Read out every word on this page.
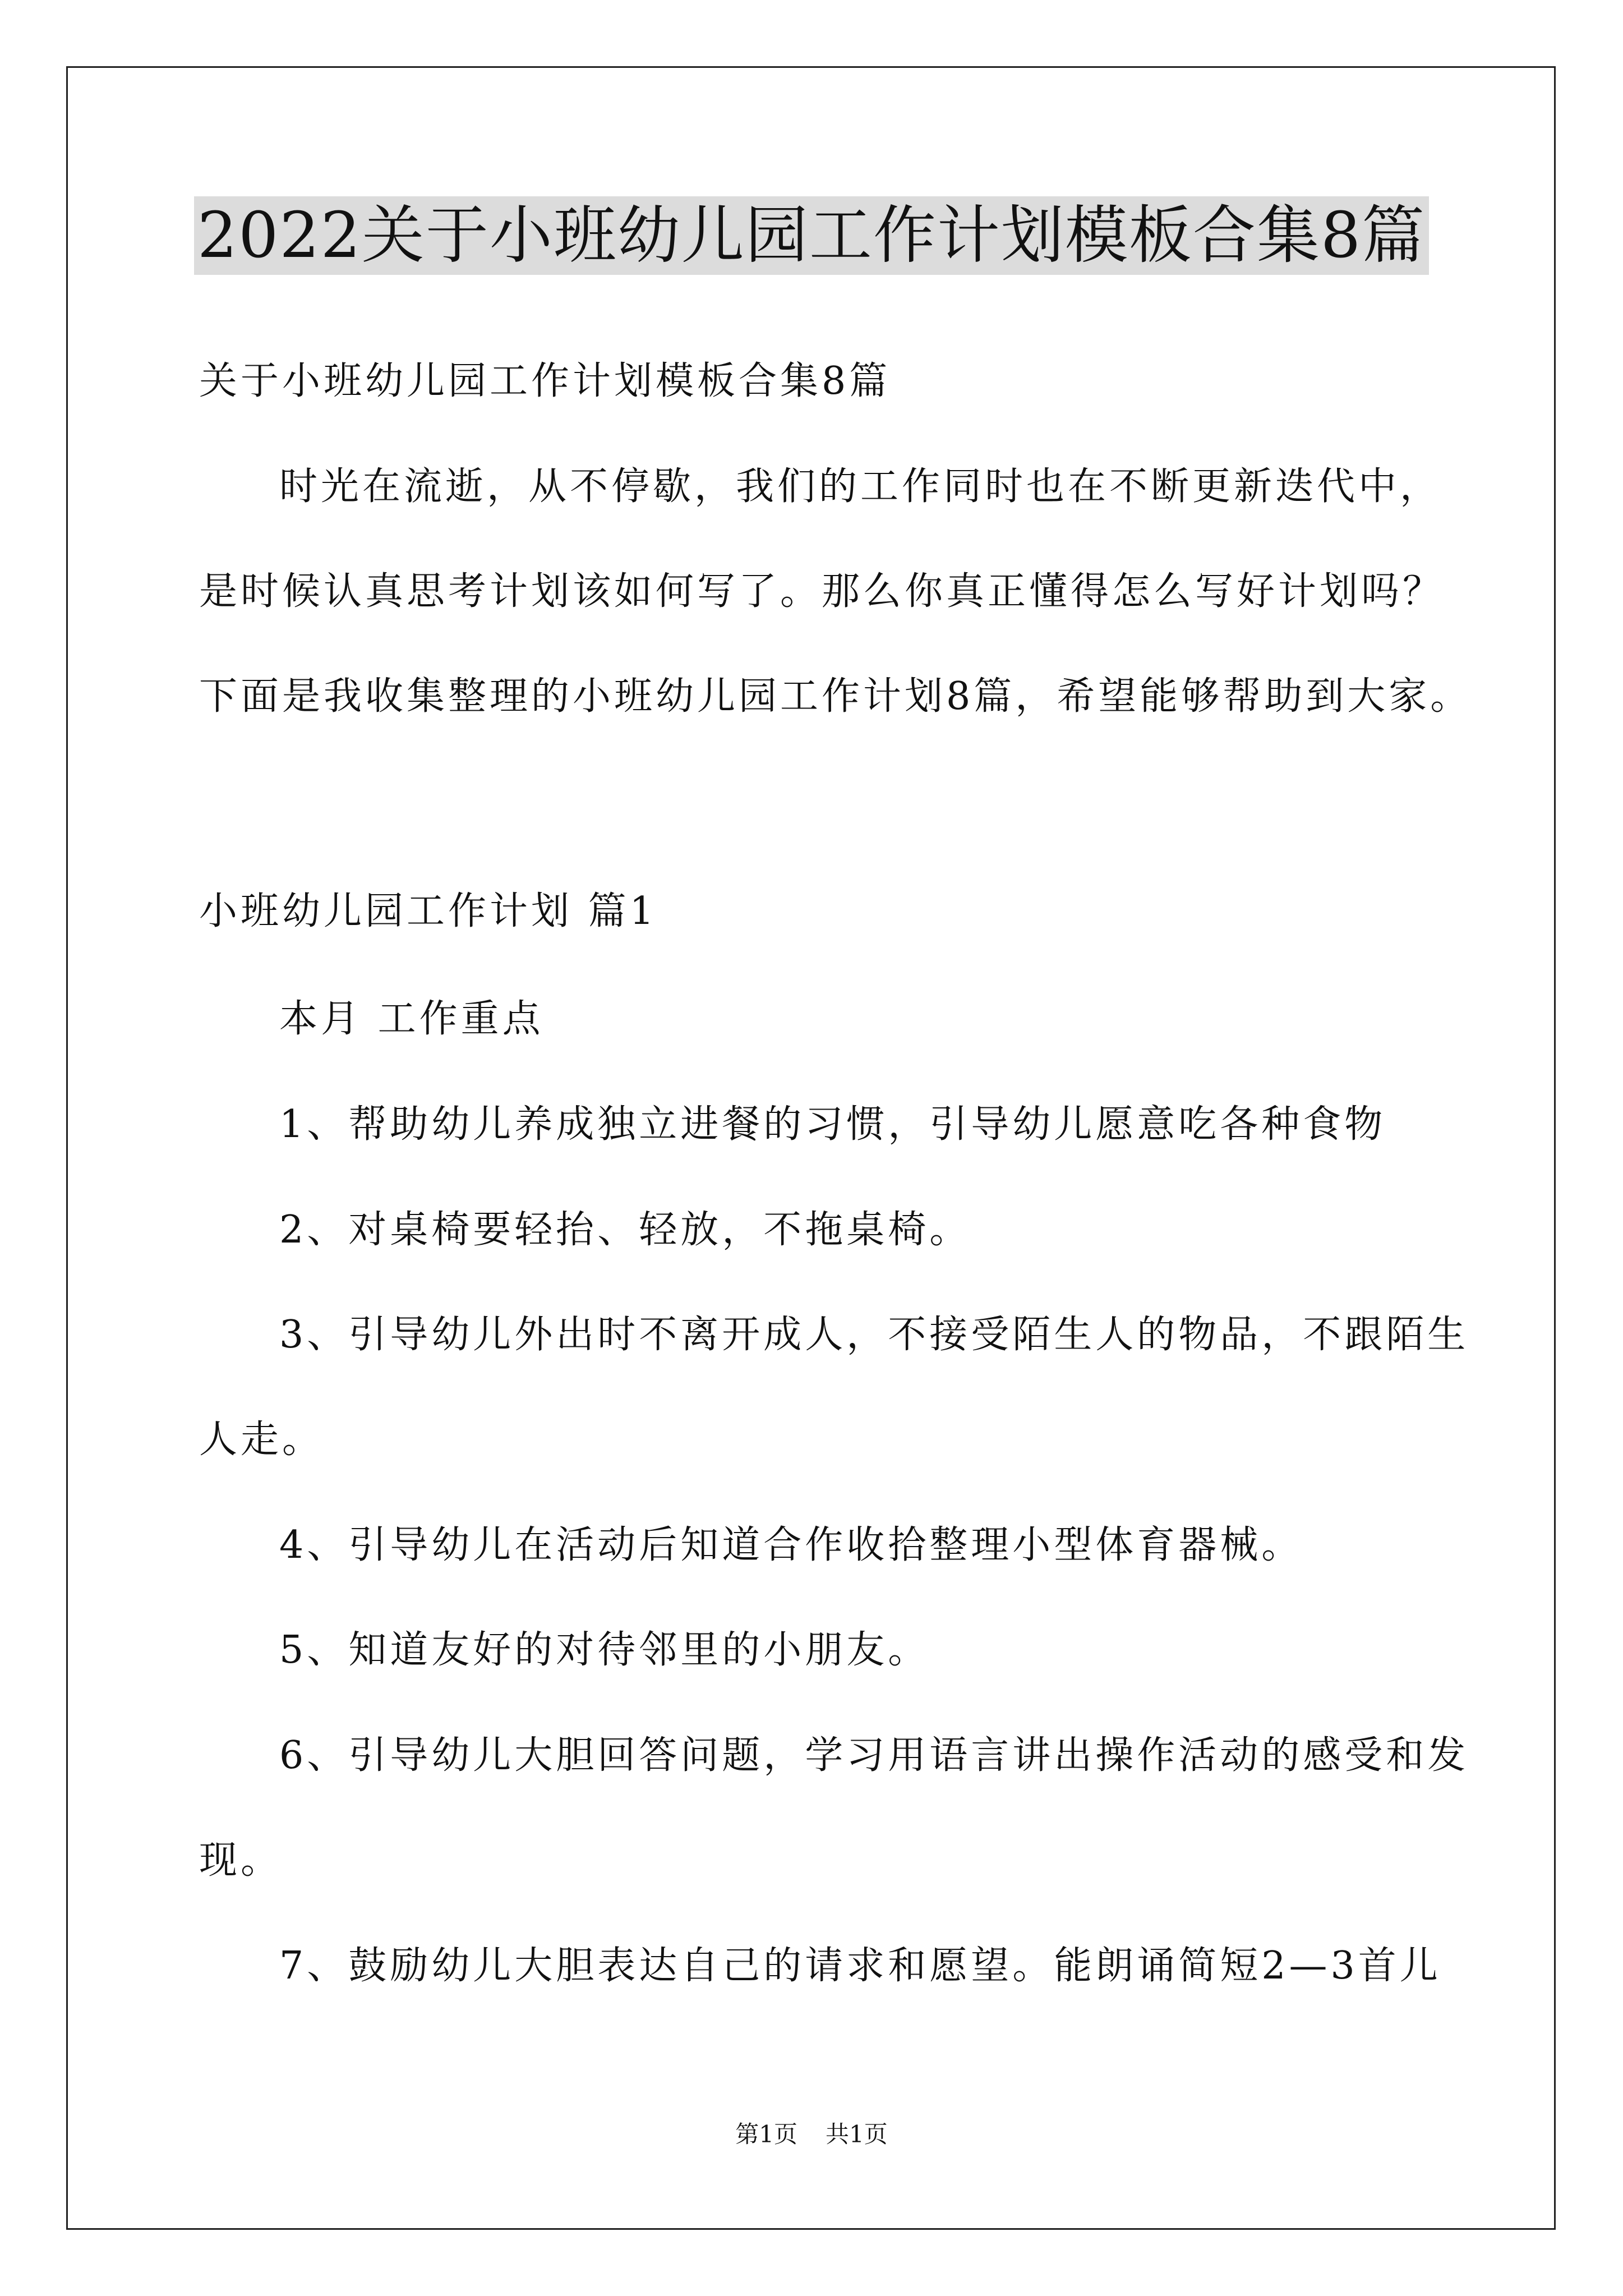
2022关于小班幼儿园工作计划模板合集8篇
关于小班幼儿园工作计划模板合集8篇
时光在流逝，从不停歇，我们的工作同时也在不断更新迭代中，
是时候认真思考计划该如何写了。那么你真正懂得怎么写好计划吗？
下面是我收集整理的小班幼儿园工作计划8篇，希望能够帮助到大家。
小班幼儿园工作计划 篇1
本月 工作重点
1、帮助幼儿养成独立进餐的习惯，引导幼儿愿意吃各种食物
2、对桌椅要轻抬、轻放，不拖桌椅。
3、引导幼儿外出时不离开成人，不接受陌生人的物品，不跟陌生
人走。
4、引导幼儿在活动后知道合作收拾整理小型体育器械。
5、知道友好的对待邻里的小朋友。
6、引导幼儿大胆回答问题，学习用语言讲出操作活动的感受和发
现。
7、鼓励幼儿大胆表达自己的请求和愿望。能朗诵简短2—3首儿
第1页 共1页
